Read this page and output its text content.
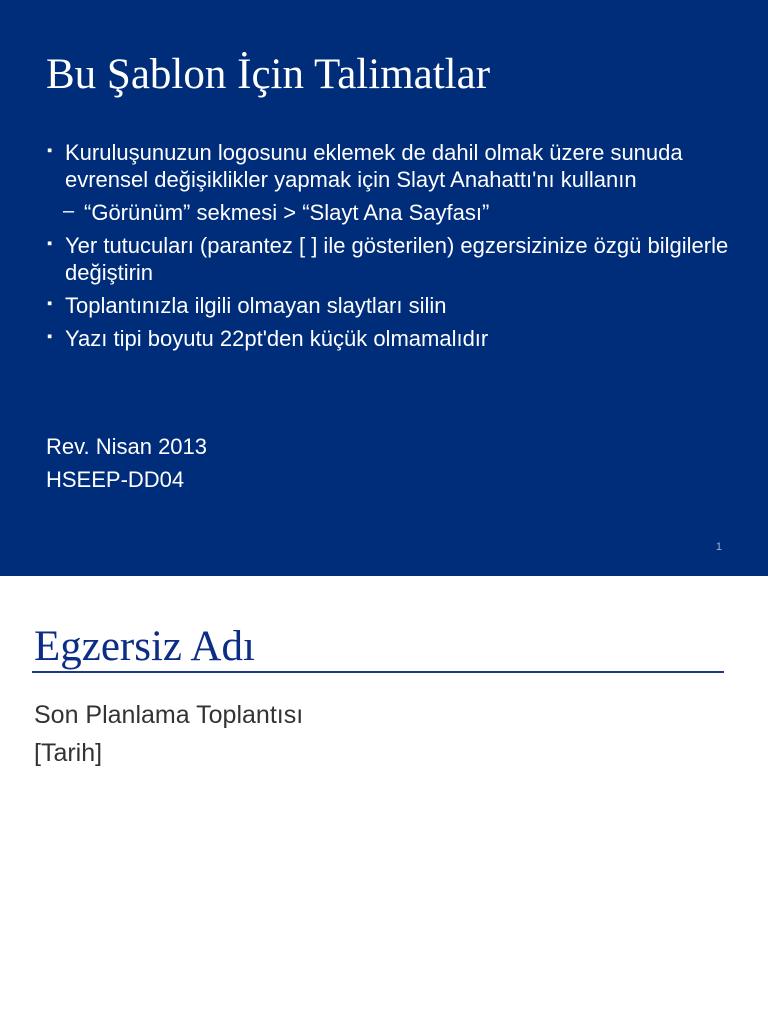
Bu Şablon İçin Talimatlar
▪ Kuruluşunuzun logosunu eklemek de dahil olmak üzere sunuda evrensel değişiklikler yapmak için Slayt Anahattı'nı kullanın
– “Görünüm” sekmesi > “Slayt Ana Sayfası”
▪ Yer tutucuları (parantez [ ] ile gösterilen) egzersizinize özgü bilgilerle değiştirin
▪ Toplantınızla ilgili olmayan slaytları silin
▪ Yazı tipi boyutu 22pt'den küçük olmamalıdır
Rev. Nisan 2013
HSEEP-DD04
1
Egzersiz Adı
Son Planlama Toplantısı
[Tarih]
